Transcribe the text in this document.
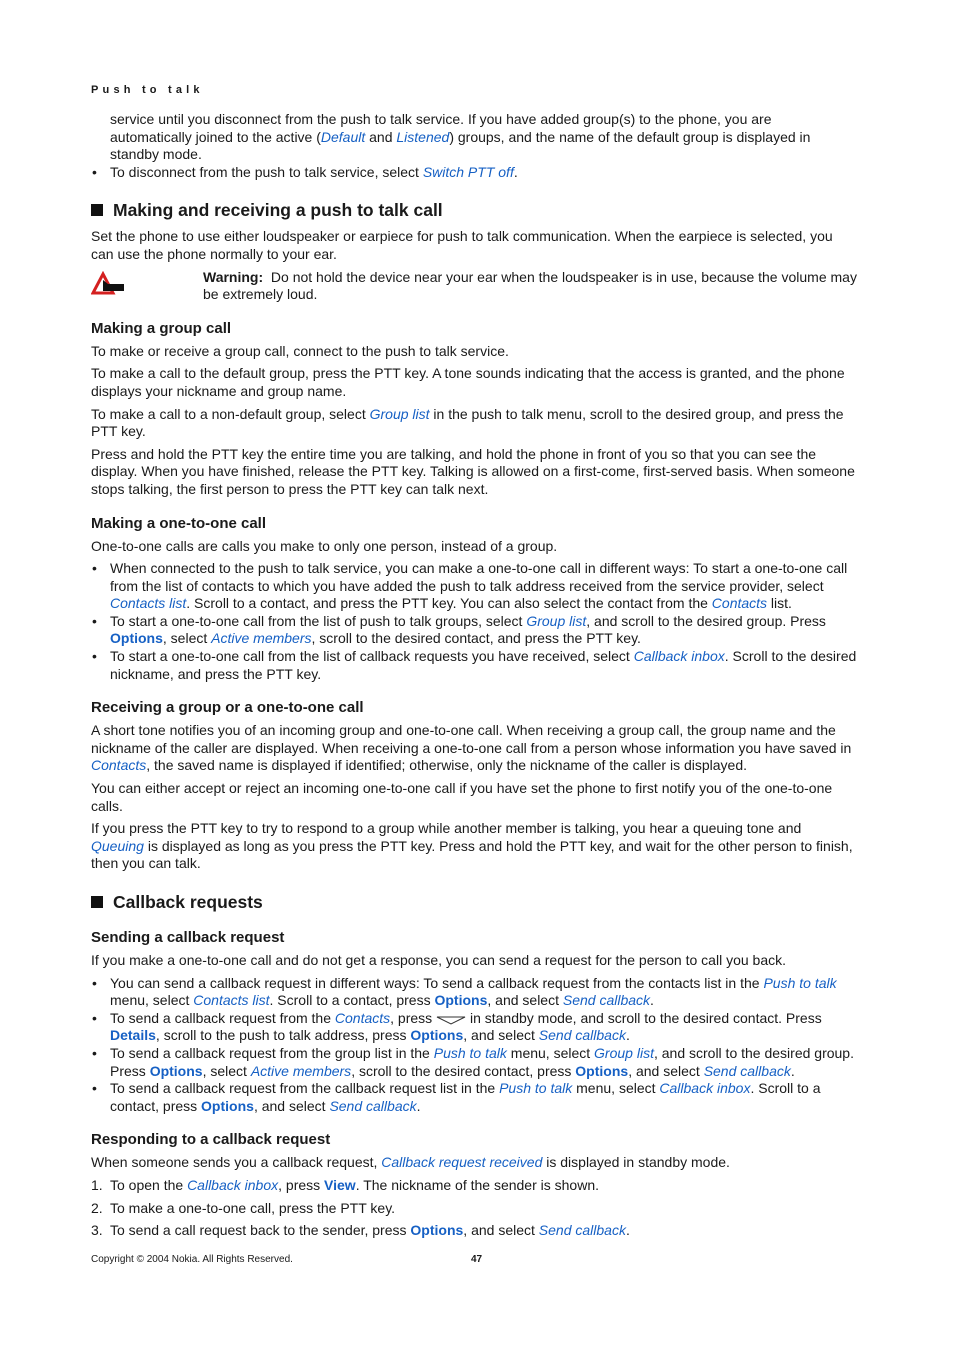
Push to talk

service until you disconnect from the push to talk service. If you have added group(s) to the phone, you are automatically joined to the active (Default and Listened) groups, and the name of the default group is displayed in standby mode.

• To disconnect from the push to talk service, select Switch PTT off.
Making and receiving a push to talk call

Set the phone to use either loudspeaker or earpiece for push to talk communication. When the earpiece is selected, you can use the phone normally to your ear.

Warning: Do not hold the device near your ear when the loudspeaker is in use, because the volume may be extremely loud.
Making a group call

To make or receive a group call, connect to the push to talk service.

To make a call to the default group, press the PTT key. A tone sounds indicating that the access is granted, and the phone displays your nickname and group name.

To make a call to a non-default group, select Group list in the push to talk menu, scroll to the desired group, and press the PTT key.

Press and hold the PTT key the entire time you are talking, and hold the phone in front of you so that you can see the display. When you have finished, release the PTT key. Talking is allowed on a first-come, first-served basis. When someone stops talking, the first person to press the PTT key can talk next.

Making a one-to-one call

One-to-one calls are calls you make to only one person, instead of a group.

• When connected to the push to talk service, you can make a one-to-one call in different ways: To start a one-to-one call from the list of contacts to which you have added the push to talk address received from the service provider, select Contacts list. Scroll to a contact, and press the PTT key. You can also select the contact from the Contacts list.
• To start a one-to-one call from the list of push to talk groups, select Group list, and scroll to the desired group. Press Options, select Active members, scroll to the desired contact, and press the PTT key.
• To start a one-to-one call from the list of callback requests you have received, select Callback inbox. Scroll to the desired nickname, and press the PTT key.
Receiving a group or a one-to-one call

A short tone notifies you of an incoming group and one-to-one call. When receiving a group call, the group name and the nickname of the caller are displayed. When receiving a one-to-one call from a person whose information you have saved in Contacts, the saved name is displayed if identified; otherwise, only the nickname of the caller is displayed.

You can either accept or reject an incoming one-to-one call if you have set the phone to first notify you of the one-to-one calls.

If you press the PTT key to try to respond to a group while another member is talking, you hear a queuing tone and Queuing is displayed as long as you press the PTT key. Press and hold the PTT key, and wait for the other person to finish, then you can talk.

Callback requests
Sending a callback request

If you make a one-to-one call and do not get a response, you can send a request for the person to call you back.

• You can send a callback request in different ways: To send a callback request from the contacts list in the Push to talk menu, select Contacts list. Scroll to a contact, press Options, and select Send callback.
• To send a callback request from the Contacts, press  in standby mode, and scroll to the desired contact. Press Details, scroll to the push to talk address, press Options, and select Send callback.
• To send a callback request from the group list in the Push to talk menu, select Group list, and scroll to the desired group. Press Options, select Active members, scroll to the desired contact, press Options, and select Send callback.
• To send a callback request from the callback request list in the Push to talk menu, select Callback inbox. Scroll to a contact, press Options, and select Send callback.
Responding to a callback request

When someone sends you a callback request, Callback request received is displayed in standby mode.

1. To open the Callback inbox, press View. The nickname of the sender is shown.
2. To make a one-to-one call, press the PTT key.
3. To send a call request back to the sender, press Options, and select Send callback.
Copyright © 2004 Nokia. All Rights Reserved.	47
